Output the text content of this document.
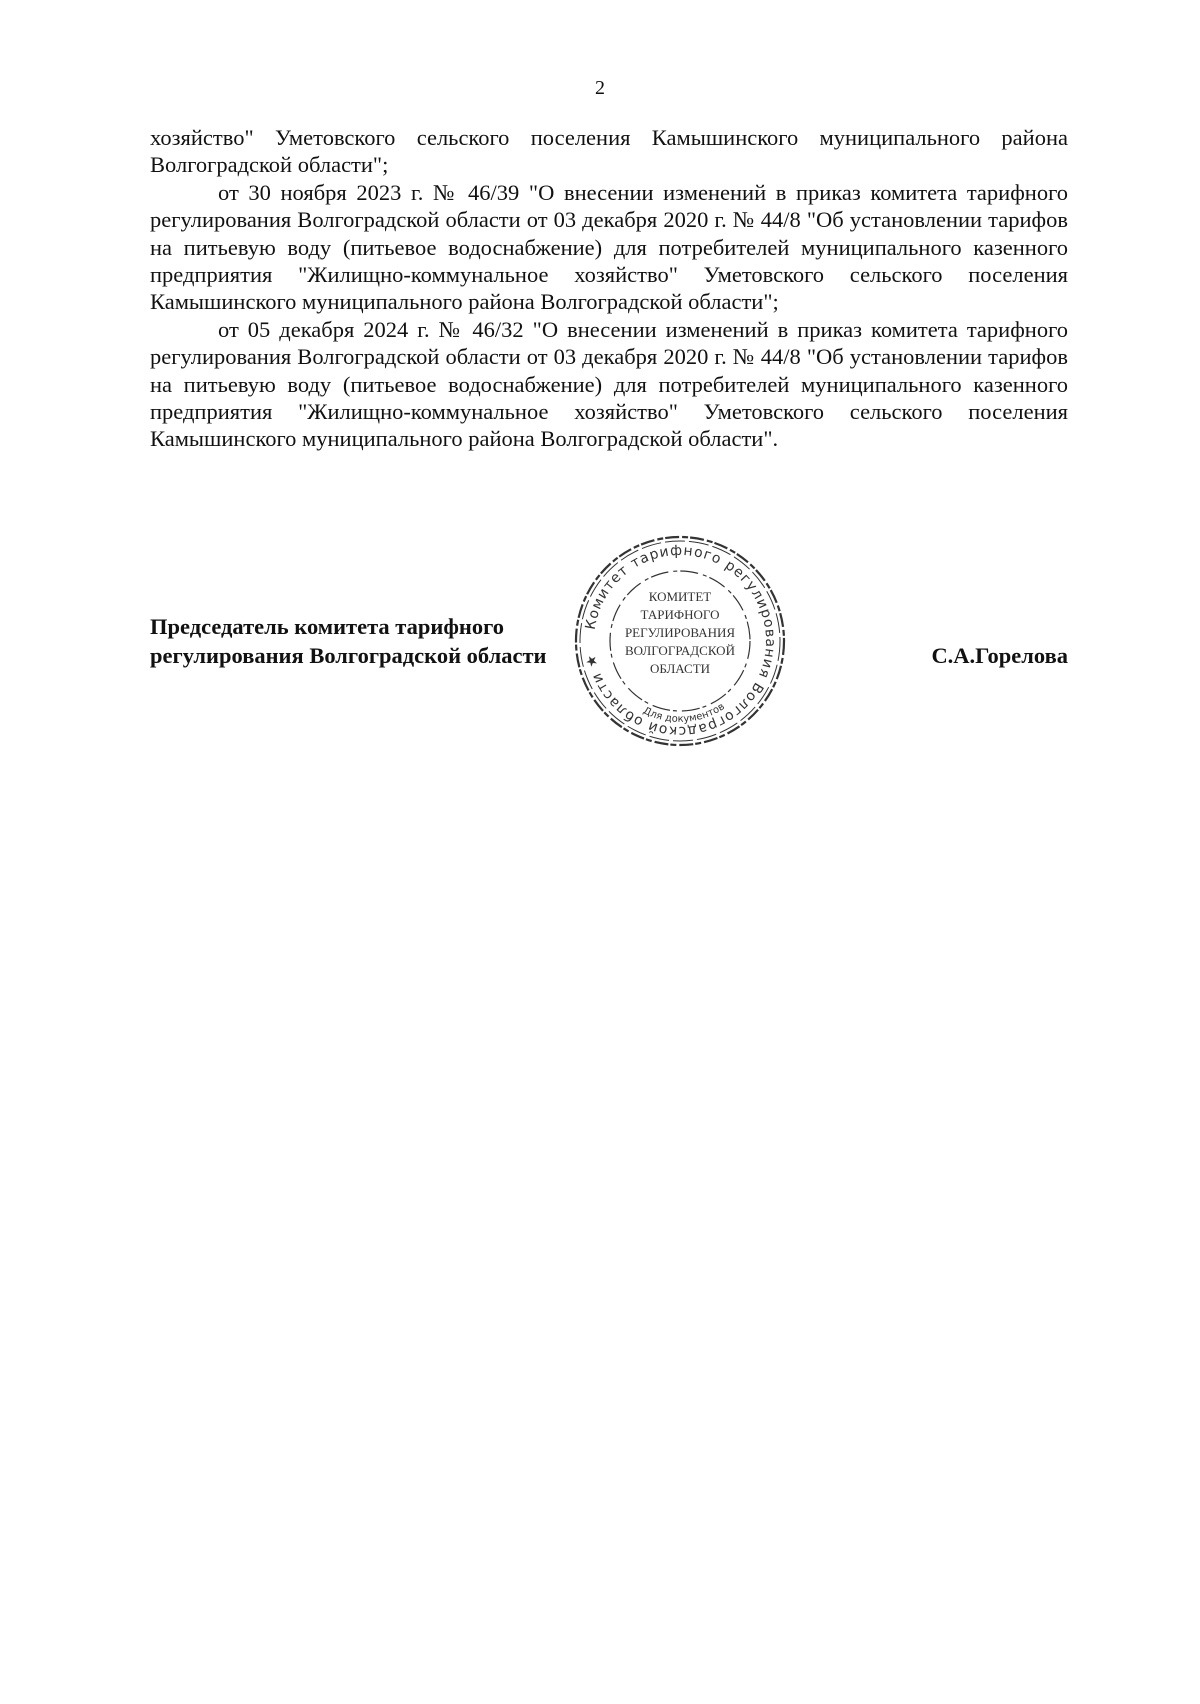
2

хозяйство" Уметовского сельского поселения Камышинского муниципального района Волгоградской области";

от 30 ноября 2023 г. № 46/39 "О внесении изменений в приказ комитета тарифного регулирования Волгоградской области от 03 декабря 2020 г. № 44/8 "Об установлении тарифов на питьевую воду (питьевое водоснабжение) для потребителей муниципального казенного предприятия "Жилищно-коммунальное хозяйство" Уметовского сельского поселения Камышинского муниципального района Волгоградской области";

от 05 декабря 2024 г. № 46/32 "О внесении изменений в приказ комитета тарифного регулирования Волгоградской области от 03 декабря 2020 г. № 44/8 "Об установлении тарифов на питьевую воду (питьевое водоснабжение) для потребителей муниципального казенного предприятия "Жилищно-коммунальное хозяйство" Уметовского сельского поселения Камышинского муниципального района Волгоградской области".

Председатель комитета тарифного
регулирования Волгоградской области	С.А.Горелова
Комитет тарифного регулирования Волгоградской области ★
Для документов
КОМИТЕТ
ТАРИФНОГО
РЕГУЛИРОВАНИЯ
ВОЛГОГРАДСКОЙ
ОБЛАСТИ
